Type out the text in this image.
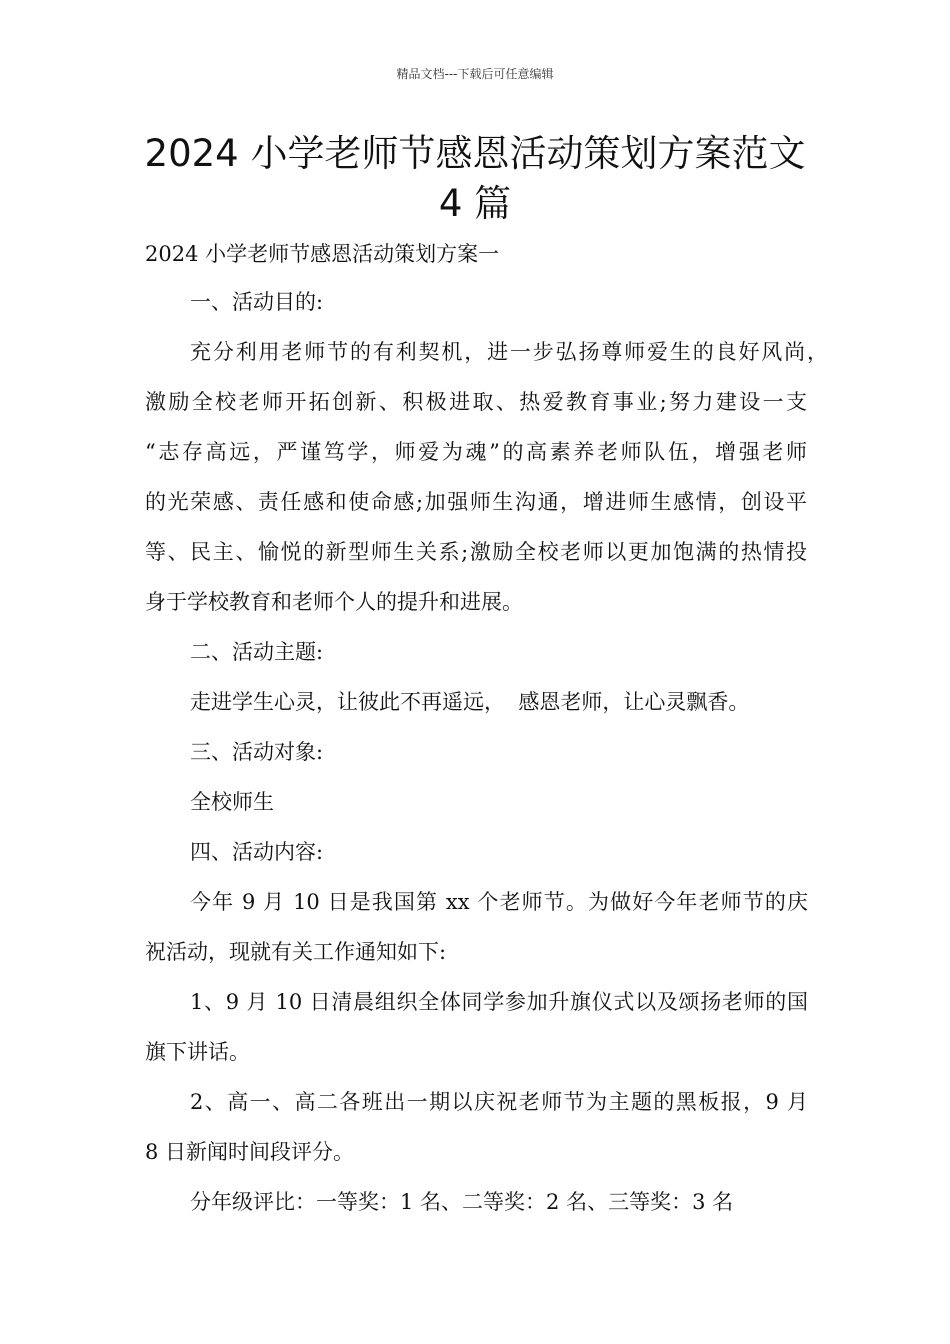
精品文档---下载后可任意编辑
2024 小学老师节感恩活动策划方案范文
4 篇
2024 小学老师节感恩活动策划方案一
一、活动目的:
充分利用老师节的有利契机，进一步弘扬尊师爱生的良好风尚，
激励全校老师开拓创新、积极进取、热爱教育事业;努力建设一支
“志存高远，严谨笃学，师爱为魂”的高素养老师队伍，增强老师
的光荣感、责任感和使命感;加强师生沟通，增进师生感情，创设平
等、民主、愉悦的新型师生关系;激励全校老师以更加饱满的热情投
身于学校教育和老师个人的提升和进展。
二、活动主题:
走进学生心灵，让彼此不再遥远，  感恩老师，让心灵飘香。
三、活动对象:
全校师生
四、活动内容:
今年 9 月 10 日是我国第 xx 个老师节。为做好今年老师节的庆
祝活动，现就有关工作通知如下:
1、9 月 10 日清晨组织全体同学参加升旗仪式以及颂扬老师的国
旗下讲话。
2、高一、高二各班出一期以庆祝老师节为主题的黑板报，9 月
8 日新闻时间段评分。
分年级评比：一等奖：1 名、二等奖：2 名、三等奖：3 名
